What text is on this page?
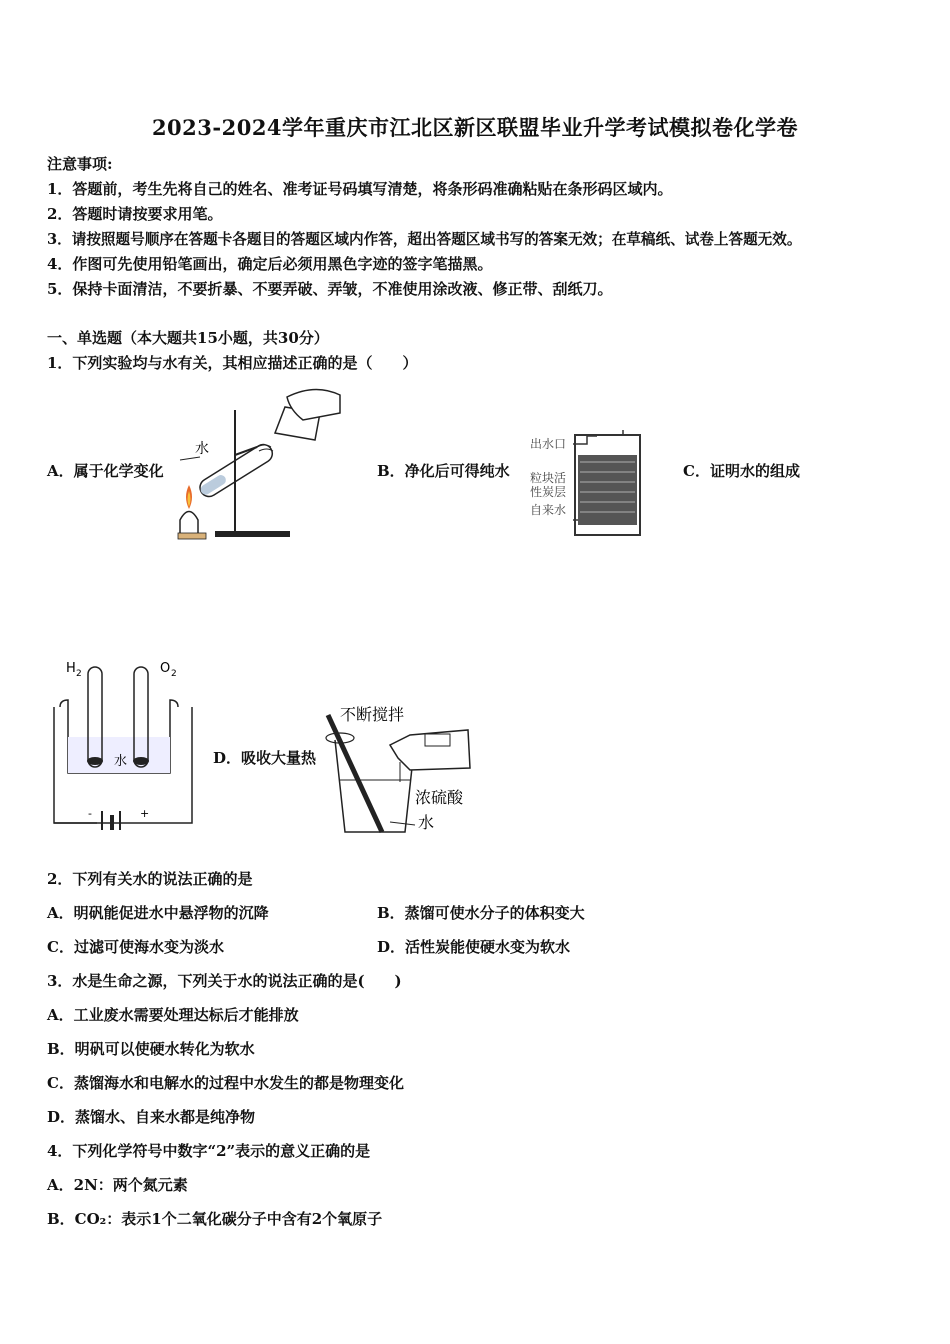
2023-2024学年重庆市江北区新区联盟毕业升学考试模拟卷化学卷
注意事项:
1．答题前，考生先将自己的姓名、准考证号码填写清楚，将条形码准确粘贴在条形码区域内。
2．答题时请按要求用笔。
3．请按照题号顺序在答题卡各题目的答题区域内作答，超出答题区域书写的答案无效；在草稿纸、试卷上答题无效。
4．作图可先使用铅笔画出，确定后必须用黑色字迹的签字笔描黑。
5．保持卡面清洁，不要折暴、不要弄破、弄皱，不准使用涂改液、修正带、刮纸刀。
一、单选题（本大题共15小题，共30分）
1．下列实验均与水有关，其相应描述正确的是（　　）
A．属于化学变化	B．净化后可得纯水	C．证明水的组成
D．吸收大量热
水	出水口
粒块活
性炭层
自来水
H 2	O 2
水
-	+
不断搅拌
浓硫酸
水
2．下列有关水的说法正确的是
A．明矾能促进水中悬浮物的沉降	B．蒸馏可使水分子的体积变大
C．过滤可使海水变为淡水	D．活性炭能使硬水变为软水
3．水是生命之源，下列关于水的说法正确的是(　　)
A．工业废水需要处理达标后才能排放
B．明矾可以使硬水转化为软水
C．蒸馏海水和电解水的过程中水发生的都是物理变化
D．蒸馏水、自来水都是纯净物
4．下列化学符号中数字“2”表示的意义正确的是
A．2N：两个氮元素
B．CO₂：表示1个二氧化碳分子中含有2个氧原子
